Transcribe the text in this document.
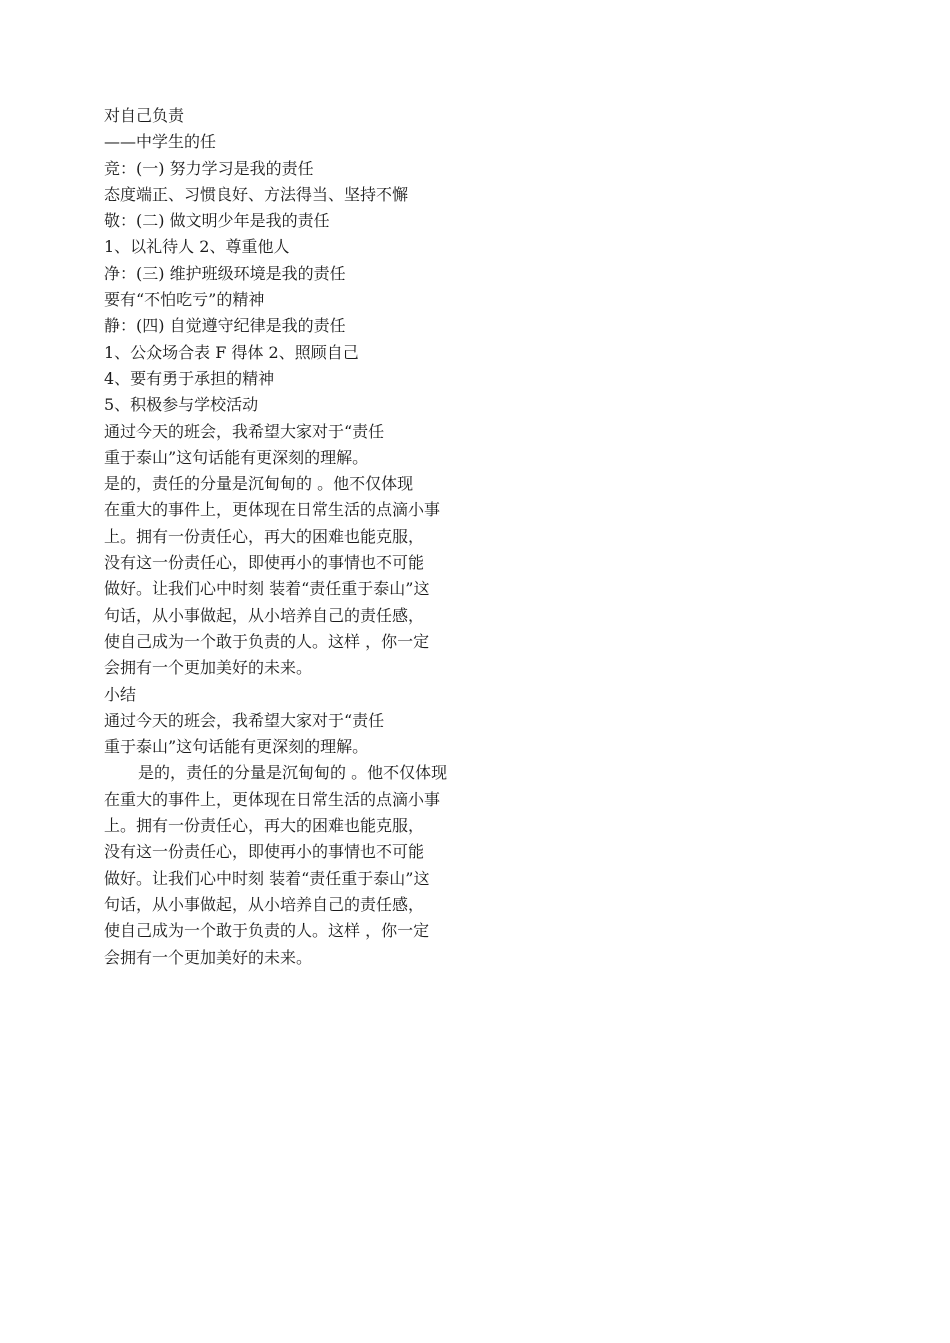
对自己负责
——中学生的任
竞：(一) 努力学习是我的责任
态度端正、习惯良好、方法得当、坚持不懈
敬：(二) 做文明少年是我的责任
1、以礼待人 2、尊重他人
净：(三) 维护班级环境是我的责任
要有“不怕吃亏”的精神
静：(四) 自觉遵守纪律是我的责任
1、公众场合表 F 得体 2、照顾自己
4、要有勇于承担的精神
5、积极参与学校活动
通过今天的班会，我希望大家对于“责任
重于泰山”这句话能有更深刻的理解。
是的，责任的分量是沉甸甸的 。他不仅体现
在重大的事件上，更体现在日常生活的点滴小事
上。拥有一份责任心，再大的困难也能克服，
没有这一份责任心，即使再小的事情也不可能
做好。让我们心中时刻 装着“责任重于泰山”这
句话，从小事做起，从小培养自己的责任感，
使自己成为一个敢于负责的人。这样 ，你一定
会拥有一个更加美好的未来。
小结
通过今天的班会，我希望大家对于“责任
重于泰山”这句话能有更深刻的理解。
是的，责任的分量是沉甸甸的 。他不仅体现
在重大的事件上，更体现在日常生活的点滴小事
上。拥有一份责任心，再大的困难也能克服，
没有这一份责任心，即使再小的事情也不可能
做好。让我们心中时刻 装着“责任重于泰山”这
句话，从小事做起，从小培养自己的责任感，
使自己成为一个敢于负责的人。这样 ，你一定
会拥有一个更加美好的未来。
